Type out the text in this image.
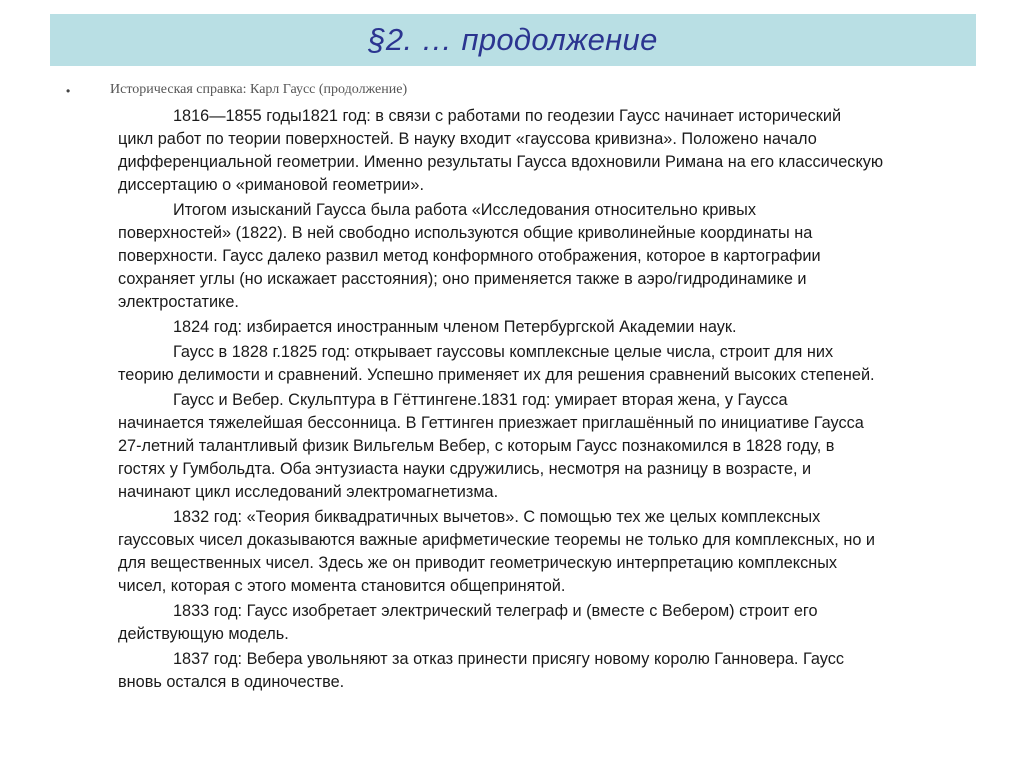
§2. … продолжение
•	Историческая справка: Карл Гаусс (продолжение)
1816—1855 годы1821 год: в связи с работами по геодезии Гаусс начинает исторический
цикл работ по теории поверхностей. В науку входит «гауссова кривизна». Положено начало
дифференциальной геометрии. Именно результаты Гаусса вдохновили Римана на его классическую
диссертацию о «римановой геометрии».
Итогом изысканий Гаусса была работа «Исследования относительно кривых
поверхностей» (1822). В ней свободно используются общие криволинейные координаты на
поверхности. Гаусс далеко развил метод конформного отображения, которое в картографии
сохраняет углы (но искажает расстояния); оно применяется также в аэро/гидродинамике и
электростатике.
1824 год: избирается иностранным членом Петербургской Академии наук.
Гаусс в 1828 г.1825 год: открывает гауссовы комплексные целые числа, строит для них
теорию делимости и сравнений. Успешно применяет их для решения сравнений высоких степеней.
Гаусс и Вебер. Скульптура в Гёттингене.1831 год: умирает вторая жена, у Гаусса
начинается тяжелейшая бессонница. В Геттинген приезжает приглашённый по инициативе Гаусса
27-летний талантливый физик Вильгельм Вебер, с которым Гаусс познакомился в 1828 году, в
гостях у Гумбольдта. Оба энтузиаста науки сдружились, несмотря на разницу в возрасте, и
начинают цикл исследований электромагнетизма.
1832 год: «Теория биквадратичных вычетов». С помощью тех же целых комплексных
гауссовых чисел доказываются важные арифметические теоремы не только для комплексных, но и
для вещественных чисел. Здесь же он приводит геометрическую интерпретацию комплексных
чисел, которая с этого момента становится общепринятой.
1833 год: Гаусс изобретает электрический телеграф и (вместе с Вебером) строит его
действующую модель.
1837 год: Вебера увольняют за отказ принести присягу новому королю Ганновера. Гаусс
вновь остался в одиночестве.
